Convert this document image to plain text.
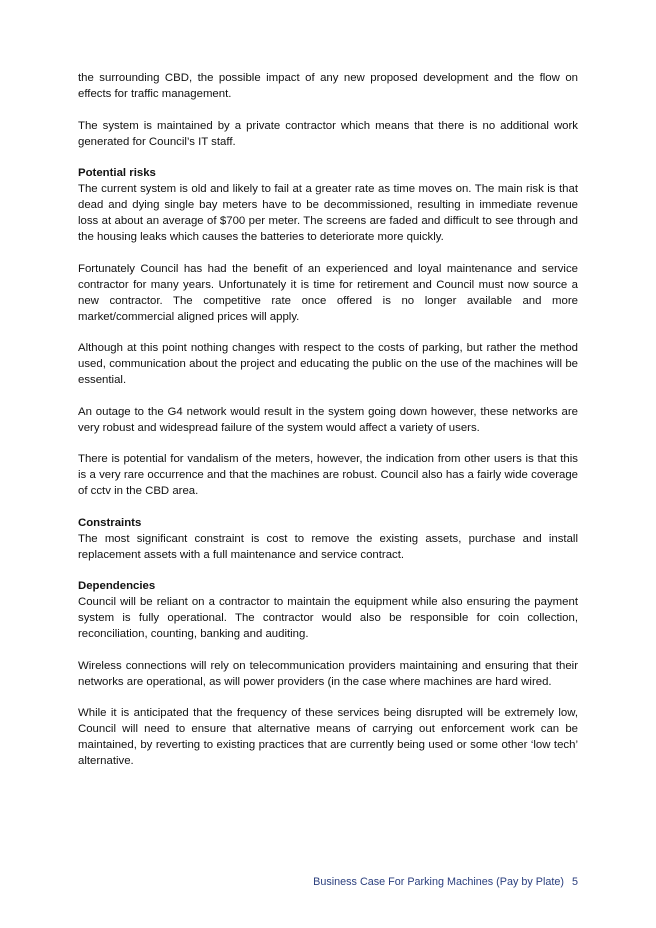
the surrounding CBD, the possible impact of any new proposed development and the flow on effects for traffic management.

The system is maintained by a private contractor which means that there is no additional work generated for Council’s IT staff.

Potential risks

The current system is old and likely to fail at a greater rate as time moves on. The main risk is that dead and dying single bay meters have to be decommissioned, resulting in immediate revenue loss at about an average of $700 per meter. The screens are faded and difficult to see through and the housing leaks which causes the batteries to deteriorate more quickly.

Fortunately Council has had the benefit of an experienced and loyal maintenance and service contractor for many years. Unfortunately it is time for retirement and Council must now source a new contractor. The competitive rate once offered is no longer available and more market/commercial aligned prices will apply.

Although at this point nothing changes with respect to the costs of parking, but rather the method used, communication about the project and educating the public on the use of the machines will be essential.

An outage to the G4 network would result in the system going down however, these networks are very robust and widespread failure of the system would affect a variety of users.

There is potential for vandalism of the meters, however, the indication from other users is that this is a very rare occurrence and that the machines are robust. Council also has a fairly wide coverage of cctv in the CBD area.

Constraints

The most significant constraint is cost to remove the existing assets, purchase and install replacement assets with a full maintenance and service contract.

Dependencies

Council will be reliant on a contractor to maintain the equipment while also ensuring the payment system is fully operational. The contractor would also be responsible for coin collection, reconciliation, counting, banking and auditing.

Wireless connections will rely on telecommunication providers maintaining and ensuring that their networks are operational, as will power providers (in the case where machines are hard wired.

While it is anticipated that the frequency of these services being disrupted will be extremely low, Council will need to ensure that alternative means of carrying out enforcement work can be maintained, by reverting to existing practices that are currently being used or some other ‘low tech’ alternative.

Business Case For Parking Machines (Pay by Plate) 5
